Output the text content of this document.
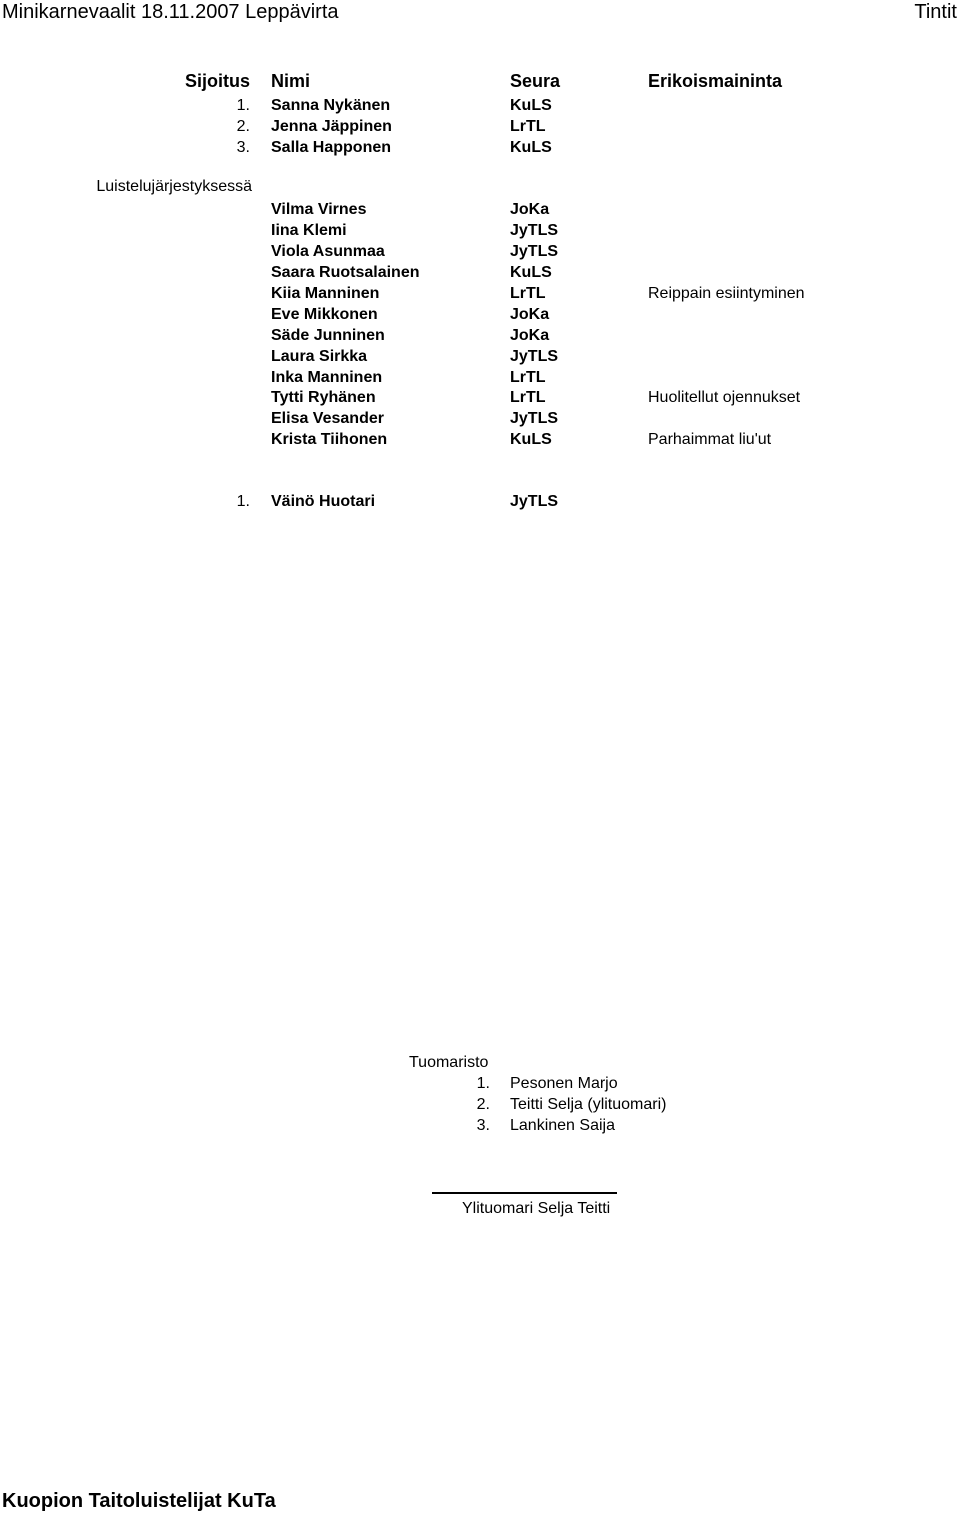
Minikarnevaalit 18.11.2007 Leppävirta	Tintit
Sijoitus Nimi	Seura	Erikoismaininta
1. Sanna Nykänen	KuLS
2. Jenna Jäppinen	LrTL
3. Salla Happonen	KuLS
Luistelujärjestyksessä
Vilma Virnes	JoKa
Iina Klemi	JyTLS
Viola Asunmaa	JyTLS
Saara Ruotsalainen	KuLS
Kiia Manninen	LrTL	Reippain esiintyminen
Eve Mikkonen	JoKa
Säde Junninen	JoKa
Laura Sirkka	JyTLS
Inka Manninen	LrTL
Tytti Ryhänen	LrTL	Huolitellut ojennukset
Elisa Vesander	JyTLS
Krista Tiihonen	KuLS	Parhaimmat liu'ut
1. Väinö Huotari	JyTLS
Tuomaristo
1. Pesonen Marjo
2. Teitti Selja (ylituomari)
3. Lankinen Saija
Ylituomari Selja Teitti
Kuopion Taitoluistelijat KuTa
